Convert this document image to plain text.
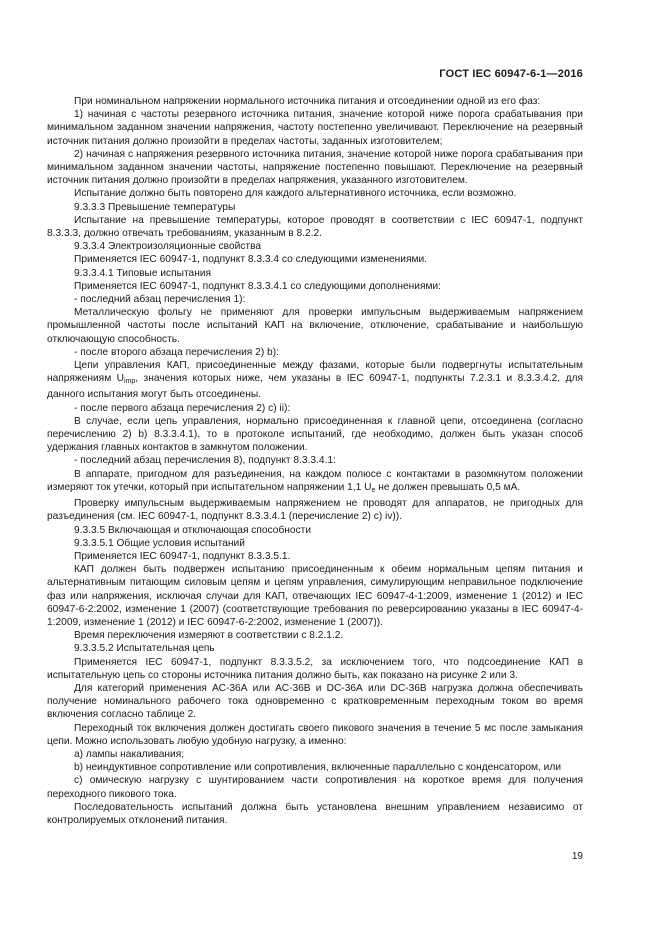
ГОСТ IEC 60947-6-1—2016

При номинальном напряжении нормального источника питания и отсоединении одной из его фаз:

1) начиная с частоты резервного источника питания, значение которой ниже порога срабатывания при минимальном заданном значении напряжения, частоту постепенно увеличивают. Переключение на резервный источник питания должно произойти в пределах частоты, заданных изготовителем;

2) начиная с напряжения резервного источника питания, значение которой ниже порога срабатывания при минимальном заданном значении частоты, напряжение постепенно повышают. Переключение на резервный источник питания должно произойти в пределах напряжения, указанного изготовителем.

Испытание должно быть повторено для каждого альтернативного источника, если возможно.

9.3.3.3 Превышение температуры

Испытание на превышение температуры, которое проводят в соответствии с IEC 60947-1, подпункт 8.3.3.3, должно отвечать требованиям, указанным в 8.2.2.

9.3.3.4 Электроизоляционные свойства

Применяется IEC 60947-1, подпункт 8.3.3.4 со следующими изменениями.

9.3.3.4.1 Типовые испытания

Применяется IEC 60947-1, подпункт 8.3.3.4.1 со следующими дополнениями:

- последний абзац перечисления 1):

Металлическую фольгу не применяют для проверки импульсным выдерживаемым напряжением промышленной частоты после испытаний КАП на включение, отключение, срабатывание и наибольшую отключающую способность.

- после второго абзаца перечисления 2) b):

Цепи управления КАП, присоединенные между фазами, которые были подвергнуты испытательным напряжениям $U_{imp}$, значения которых ниже, чем указаны в IEC 60947-1, подпункты 7.2.3.1 и 8.3.3.4.2, для данного испытания могут быть отсоединены.

- после первого абзаца перечисления 2) с) ii):

В случае, если цепь управления, нормально присоединенная к главной цепи, отсоединена (согласно перечислению 2) b) 8.3.3.4.1), то в протоколе испытаний, где необходимо, должен быть указан способ удержания главных контактов в замкнутом положении.

- последний абзац перечисления 8), подпункт 8.3.3.4.1:

В аппарате, пригодном для разъединения, на каждом полюсе с контактами в разомкнутом положении измеряют ток утечки, который при испытательном напряжении 1,1 $U_e$ не должен превышать 0,5 мА.

Проверку импульсным выдерживаемым напряжением не проводят для аппаратов, не пригодных для разъединения (см. IEC 60947-1, подпункт 8.3.3.4.1 (перечисление 2) с) iv)).

9.3.3.5 Включающая и отключающая способности

9.3.3.5.1 Общие условия испытаний

Применяется IEC 60947-1, подпункт 8.3.3.5.1.

КАП должен быть подвержен испытанию присоединенным к обеим нормальным цепям питания и альтернативным питающим силовым цепям и цепям управления, симулирующим неправильное подключение фаз или напряжения, исключая случаи для КАП, отвечающих IEC 60947-4-1:2009, изменение 1 (2012) и IEC 60947-6-2:2002, изменение 1 (2007) (соответствующие требования по реверсированию указаны в IEC 60947-4-1:2009, изменение 1 (2012) и IEC 60947-6-2:2002, изменение 1 (2007)).

Время переключения измеряют в соответствии с 8.2.1.2.

9.3.3.5.2 Испытательная цепь

Применяется IEC 60947-1, подпункт 8.3.3.5.2, за исключением того, что подсоединение КАП в испытательную цепь со стороны источника питания должно быть, как показано на рисунке 2 или 3.

Для категорий применения АС-36А или АС-36В и DC-36А или DC-36В нагрузка должна обеспечивать получение номинального рабочего тока одновременно с кратковременным переходным током во время включения согласно таблице 2.

Переходный ток включения должен достигать своего пикового значения в течение 5 мс после замыкания цепи. Можно использовать любую удобную нагрузку, а именно:

a) лампы накаливания;

b) неиндуктивное сопротивление или сопротивления, включенные параллельно с конденсатором, или

c) омическую нагрузку с шунтированием части сопротивления на короткое время для получения переходного пикового тока.

Последовательность испытаний должна быть установлена внешним управлением независимо от контролируемых отклонений питания.

19
